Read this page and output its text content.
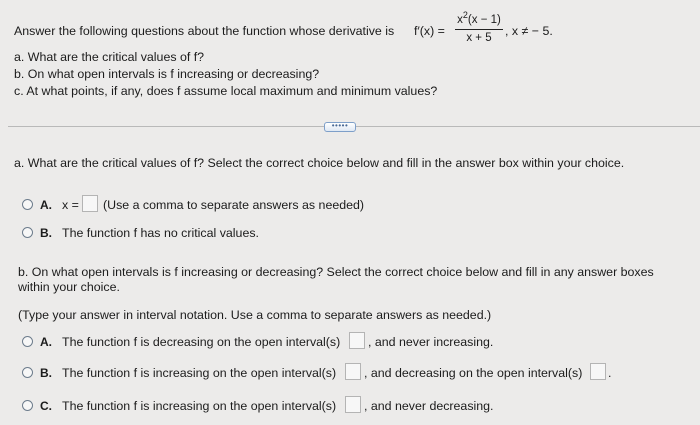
Answer the following questions about the function whose derivative is f′(x) =
$x^2(x - 1)$
x + 5	, x ≠ − 5.
a. What are the critical values of f?
b. On what open intervals is f increasing or decreasing?
c. At what points, if any, does f assume local maximum and minimum values?
•••••
a. What are the critical values of f? Select the correct choice below and fill in the answer box within your choice.
A. x = (Use a comma to separate answers as needed)
B. The function f has no critical values.
b. On what open intervals is f increasing or decreasing? Select the correct choice below and fill in any answer boxes
within your choice.
(Type your answer in interval notation. Use a comma to separate answers as needed.)
A. The function f is decreasing on the open interval(s) , and never increasing.
B. The function f is increasing on the open interval(s) , and decreasing on the open interval(s) .
C. The function f is increasing on the open interval(s) , and never decreasing.
